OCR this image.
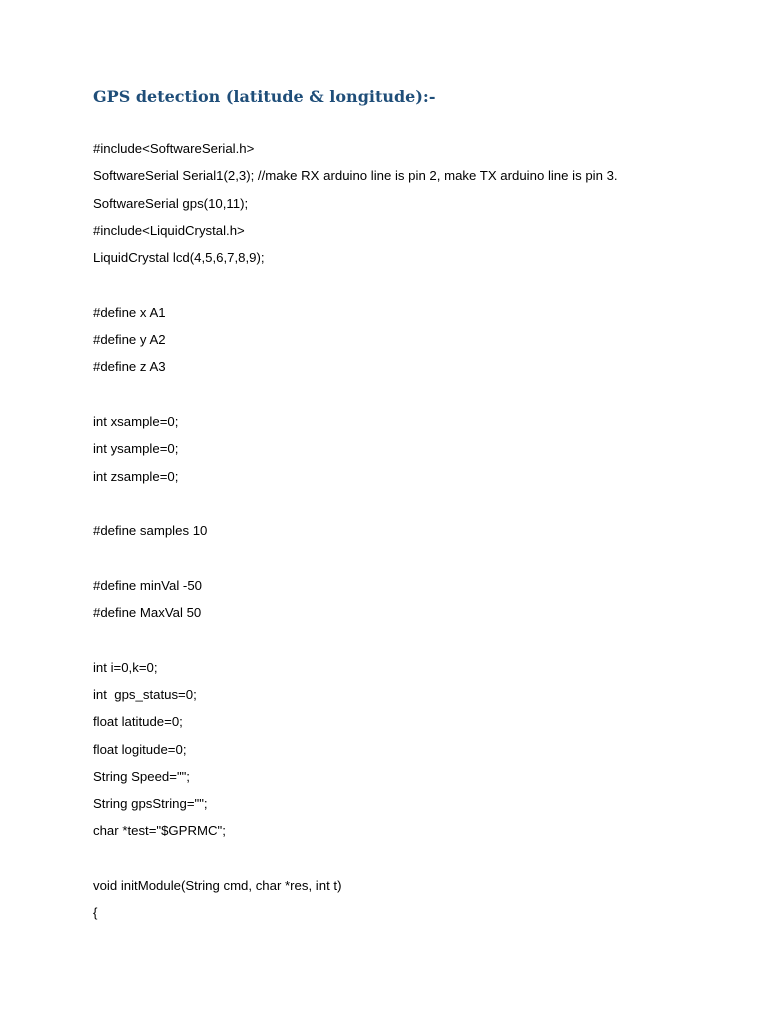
GPS detection (latitude & longitude):-
#include<SoftwareSerial.h>
SoftwareSerial Serial1(2,3); //make RX arduino line is pin 2, make TX arduino line is pin 3.
SoftwareSerial gps(10,11);
#include<LiquidCrystal.h>
LiquidCrystal lcd(4,5,6,7,8,9);
#define x A1
#define y A2
#define z A3
int xsample=0;
int ysample=0;
int zsample=0;
#define samples 10
#define minVal -50
#define MaxVal 50
int i=0,k=0;
int  gps_status=0;
float latitude=0;
float logitude=0;
String Speed="";
String gpsString="";
char *test="$GPRMC";
void initModule(String cmd, char *res, int t)
{
